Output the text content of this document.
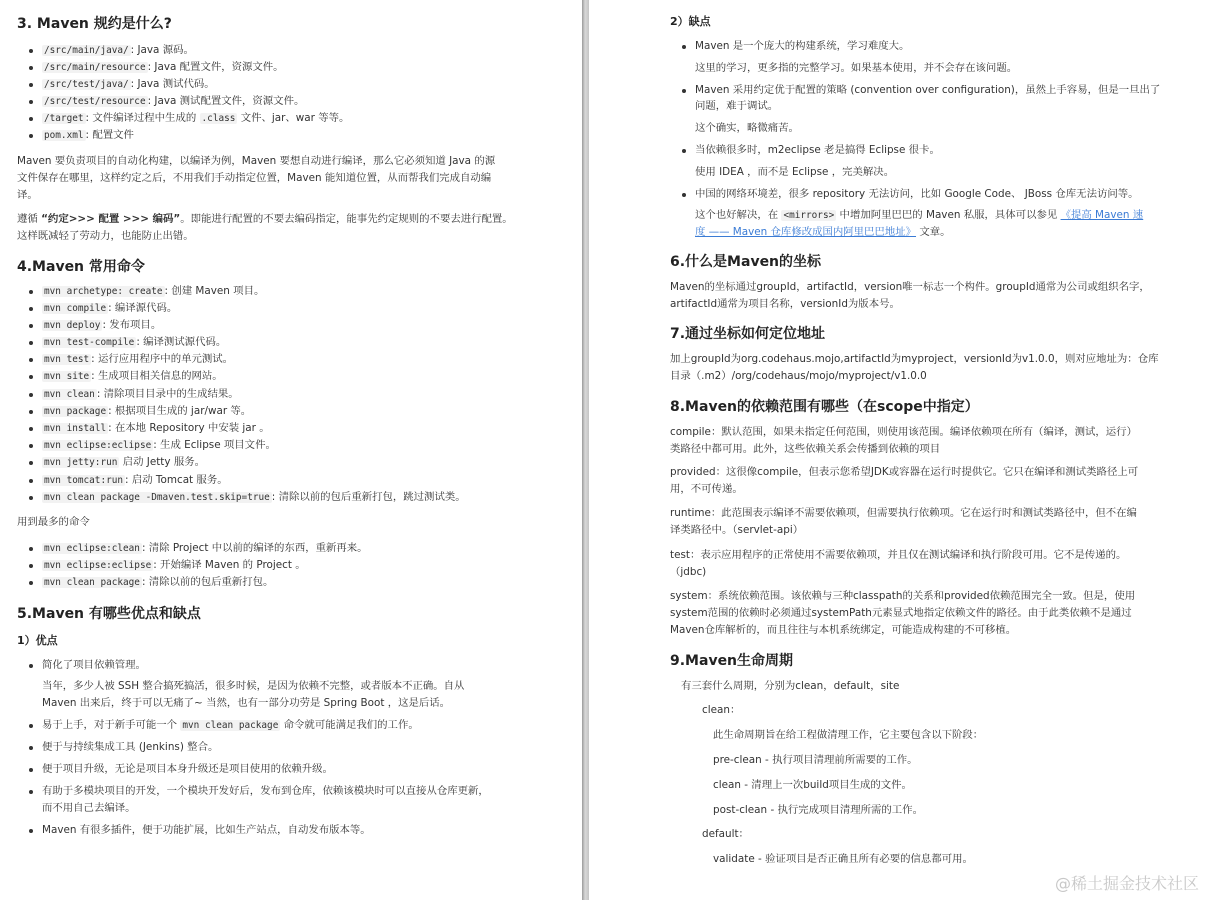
3. Maven 规约是什么?
/src/main/java/ : Java 源码。
/src/main/resource : Java 配置文件，资源文件。
/src/test/java/ : Java 测试代码。
/src/test/resource : Java 测试配置文件，资源文件。
/target : 文件编译过程中生成的 .class 文件、jar、war 等等。
pom.xml : 配置文件
Maven 要负责项目的自动化构建，以编译为例，Maven 要想自动进行编译，那么它必须知道 Java 的源
文件保存在哪里，这样约定之后，不用我们手动指定位置，Maven 能知道位置，从而帮我们完成自动编
译。
遵循 “约定>>> 配置 >>> 编码”。即能进行配置的不要去编码指定，能事先约定规则的不要去进行配置。
这样既减轻了劳动力，也能防止出错。
4.Maven 常用命令
mvn archetype: create : 创建 Maven 项目。
mvn compile : 编译源代码。
mvn deploy : 发布项目。
mvn test-compile : 编译测试源代码。
mvn test : 运行应用程序中的单元测试。
mvn site : 生成项目相关信息的网站。
mvn clean : 清除项目目录中的生成结果。
mvn package : 根据项目生成的 jar/war 等。
mvn install : 在本地 Repository 中安装 jar 。
mvn eclipse:eclipse : 生成 Eclipse 项目文件。
mvn jetty:run 启动 Jetty 服务。
mvn tomcat:run : 启动 Tomcat 服务。
mvn clean package -Dmaven.test.skip=true : 清除以前的包后重新打包，跳过测试类。
用到最多的命令
mvn eclipse:clean : 清除 Project 中以前的编译的东西，重新再来。
mvn eclipse:eclipse : 开始编译 Maven 的 Project 。
mvn clean package : 清除以前的包后重新打包。
5.Maven 有哪些优点和缺点
1）优点
简化了项目依赖管理。
当年，多少人被 SSH 整合搞死搞活，很多时候，是因为依赖不完整，或者版本不正确。自从
Maven 出来后，终于可以无痛了~ 当然，也有一部分功劳是 Spring Boot ，这是后话。
易于上手，对于新手可能一个 mvn clean package 命令就可能满足我们的工作。
便于与持续集成工具 (Jenkins) 整合。
便于项目升级，无论是项目本身升级还是项目使用的依赖升级。
有助于多模块项目的开发，一个模块开发好后，发布到仓库，依赖该模块时可以直接从仓库更新，
而不用自己去编译。
Maven 有很多插件，便于功能扩展，比如生产站点，自动发布版本等。
2）缺点
Maven 是一个庞大的构建系统，学习难度大。
这里的学习，更多指的完整学习。如果基本使用，并不会存在该问题。
Maven 采用约定优于配置的策略 (convention over configuration)，虽然上手容易，但是一旦出了
问题，难于调试。
这个确实，略微痛苦。
当依赖很多时，m2eclipse 老是搞得 Eclipse 很卡。
使用 IDEA ，而不是 Eclipse ，完美解决。
中国的网络环境差，很多 repository 无法访问，比如 Google Code、 JBoss 仓库无法访问等。
这个也好解决，在 <mirrors> 中增加阿里巴巴的 Maven 私服，具体可以参见 《提高 Maven 速
度 —— Maven 仓库修改成国内阿里巴巴地址》 文章。
6.什么是Maven的坐标
Maven的坐标通过groupId，artifactId，version唯一标志一个构件。groupId通常为公司或组织名字，
artifactId通常为项目名称，versionId为版本号。
7.通过坐标如何定位地址
加上groupId为org.codehaus.mojo,artifactId为myproject，versionId为v1.0.0，则对应地址为：仓库
目录（.m2）/org/codehaus/mojo/myproject/v1.0.0
8.Maven的依赖范围有哪些（在scope中指定）
compile：默认范围，如果未指定任何范围，则使用该范围。编译依赖项在所有（编译，测试，运行）
类路径中都可用。此外，这些依赖关系会传播到依赖的项目
provided：这很像compile，但表示您希望JDK或容器在运行时提供它。它只在编译和测试类路径上可
用，不可传递。
runtime：此范围表示编译不需要依赖项，但需要执行依赖项。它在运行时和测试类路径中，但不在编
译类路径中。（servlet-api）
test：表示应用程序的正常使用不需要依赖项，并且仅在测试编译和执行阶段可用。它不是传递的。
（jdbc)
system：系统依赖范围。该依赖与三种classpath的关系和provided依赖范围完全一致。但是，使用
system范围的依赖时必须通过systemPath元素显式地指定依赖文件的路径。由于此类依赖不是通过
Maven仓库解析的，而且往往与本机系统绑定，可能造成构建的不可移植。
9.Maven生命周期
有三套什么周期，分别为clean，default，site
clean：
此生命周期旨在给工程做清理工作，它主要包含以下阶段：
pre-clean - 执行项目清理前所需要的工作。
clean - 清理上一次build项目生成的文件。
post-clean - 执行完成项目清理所需的工作。
default：
validate - 验证项目是否正确且所有必要的信息都可用。
@稀土掘金技术社区
